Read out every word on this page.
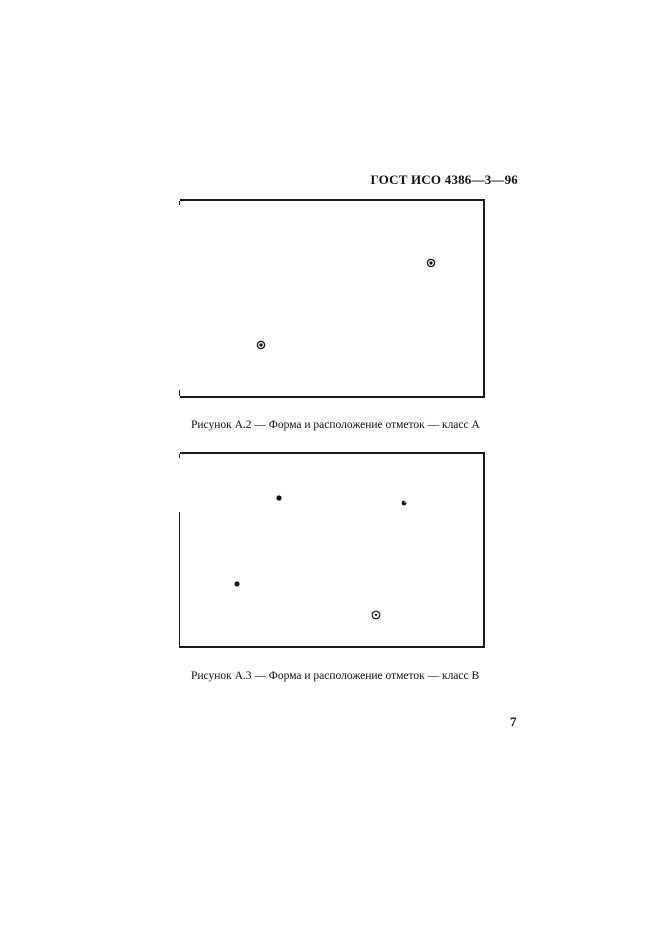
ГОСТ ИСО 4386—3—96
Рисунок А.2 — Форма и расположение отметок — класс А
Рисунок А.3 — Форма и расположение отметок — класс В
7
